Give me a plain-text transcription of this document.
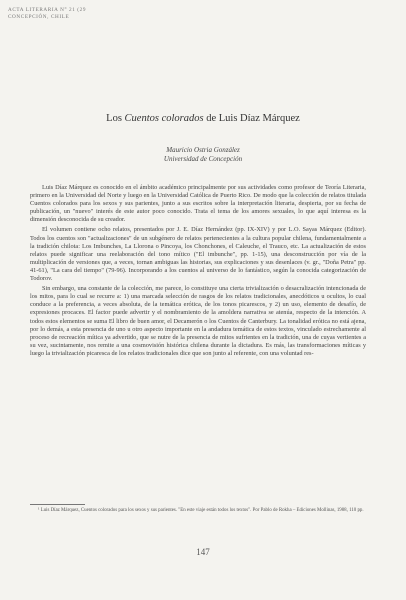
ACTA LITERARIA N° 21 (29
CONCEPCIÓN, CHILE
Los Cuentos colorados de Luis Díaz Márquez
Mauricio Ostria González
Universidad de Concepción

Luis Díaz Márquez es conocido en el ámbito académico principalmente por sus actividades como profesor de Teoría Literaria, primero en la Universidad del Norte y luego en la Universidad Católica de Puerto Rico. De modo que la colección de relatos titulada Cuentos colorados para los sexos y sus parientes, junto a sus escritos sobre la interpretación literaria, despierta, por su fecha de publicación, un "nuevo" interés de este autor poco conocido. Trata el tema de los amores sexuales, lo que aquí interesa es la dimensión desconocida de su creador.

El volumen contiene ocho relatos, presentados por J. E. Díaz Hernández (pp. IX-XIV) y por L.O. Sayas Márquez (Editor). Todos los cuentos son "actualizaciones" de un subgénero de relatos pertenecientes a la cultura popular chilena, fundamentalmente a la tradición chilota: Los Imbunches, La Llorona o Pincoya, los Chonchones, el Caleuche, el Trauco, etc. La actualización de estos relatos puede significar una reelaboración del tono mítico ("El imbunche", pp. 1-15), una desconstrucción por vía de la multiplicación de versiones que, a veces, tornan ambiguas las historias, sus explicaciones y sus desenlaces (v. gr., "Doña Petra" pp. 41-61), "La cara del tiempo" (79-96). Incorporando a los cuentos al universo de lo fantástico, según la conocida categorización de Todorov.

Sin embargo, una constante de la colección, me parece, lo constituye una cierta trivialización o desacralización intencionada de los mitos, para lo cual se recurre a: 1) una marcada selección de rasgos de los relatos tradicionales, anecdóticos u ocultos, lo cual conduce a la preferencia, a veces absoluta, de la temática erótica, de los tonos picarescos, y 2) un uso, elemento de desafío, de expresiones procaces. El factor puede advertir y el nombramiento de la amoldera narrativa se atenúa, respecto de la intención. A todos estos elementos se suma El libro de buen amor, el Decamerón o los Cuentos de Canterbury. La tonalidad erótica no está ajena, por lo demás, a esta presencia de uno u otro aspecto importante en la andadura temática de estos textos, vinculado estrechamente al proceso de recreación mítica ya advertido, que se nutre de la presencia de mitos sufrientes en la tradición, una de cuyas vertientes a su vez, sucintamente, nos remite a una cosmovisión histórica chilena durante la dictadura. Es más, las transformaciones míticas y luego la trivialización picaresca de los relatos tradicionales dice que son junto al referente, con una voluntad res-

¹ Luis Díaz Márquez, Cuentos colorados para los sexos y sus parientes. "En este viaje están todos los textos". Por Pablo de Rokha – Ediciones Mollinas, 1988, 110 pp.
147
